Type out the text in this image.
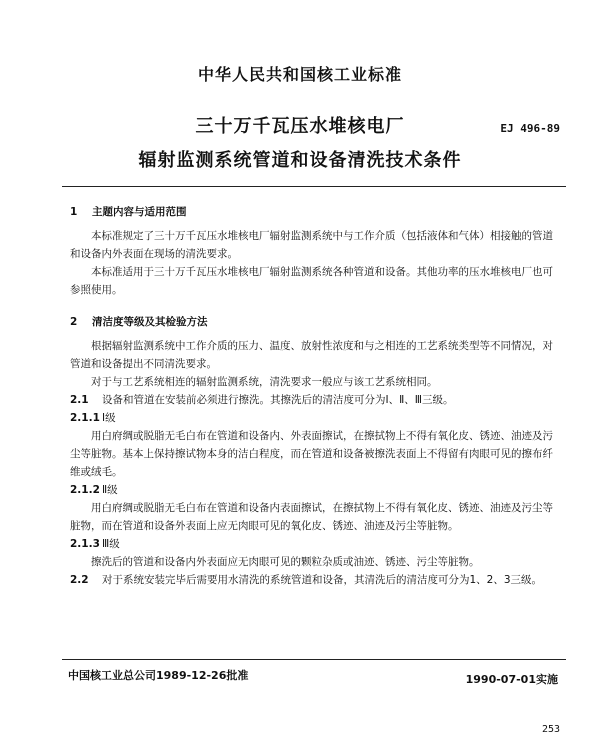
中华人民共和国核工业标准
三十万千瓦压水堆核电厂
辐射监测系统管道和设备清洗技术条件
EJ 496-89

1 主题内容与适用范围

本标准规定了三十万千瓦压水堆核电厂辐射监测系统中与工作介质（包括液体和气体）相接触的管道和设备内外表面在现场的清洗要求。

本标准适用于三十万千瓦压水堆核电厂辐射监测系统各种管道和设备。其他功率的压水堆核电厂也可参照使用。

2 清洁度等级及其检验方法

根据辐射监测系统中工作介质的压力、温度、放射性浓度和与之相连的工艺系统类型等不同情况，对管道和设备提出不同清洗要求。

对于与工艺系统相连的辐射监测系统，清洗要求一般应与该工艺系统相同。

2.1 设备和管道在安装前必须进行擦洗。其擦洗后的清洁度可分为Ⅰ、Ⅱ、Ⅲ三级。

2.1.1 Ⅰ级

用白府绸或脱脂无毛白布在管道和设备内、外表面擦试，在擦拭物上不得有氧化皮、锈迹、油迹及污尘等脏物。基本上保持擦试物本身的洁白程度，而在管道和设备被擦洗表面上不得留有肉眼可见的擦布纤维或绒毛。

2.1.2 Ⅱ级

用白府绸或脱脂无毛白布在管道和设备内表面擦试，在擦拭物上不得有氧化皮、锈迹、油迹及污尘等脏物，而在管道和设备外表面上应无肉眼可见的氧化皮、锈迹、油迹及污尘等脏物。

2.1.3 Ⅲ级

擦洗后的管道和设备内外表面应无肉眼可见的颗粒杂质或油迹、锈迹、污尘等脏物。

2.2 对于系统安装完毕后需要用水清洗的系统管道和设备，其清洗后的清洁度可分为1、2、3三级。

中国核工业总公司1989-12-26批准	1990-07-01实施
253
